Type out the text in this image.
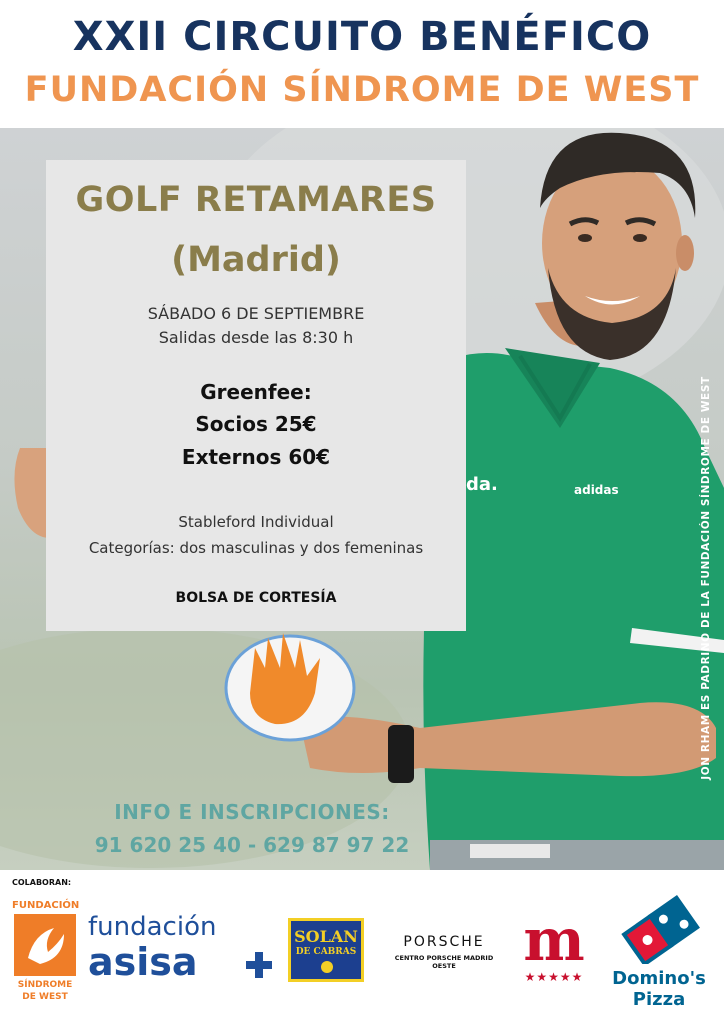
XXII CIRCUITO BENÉFICO
FUNDACIÓN SÍNDROME DE WEST
adidas
da.
GOLF RETAMARES
(Madrid)
SÁBADO 6 DE SEPTIEMBRE
Salidas desde las 8:30 h
Greenfee:
Socios 25€
Externos 60€
Stableford Individual
Categorías: dos masculinas y dos femeninas
BOLSA DE CORTESÍA	JON RHAM ES PADRINO DE LA FUNDACIÓN SÍNDROME DE WEST
INFO E INSCRIPCIONES:
91 620 25 40 - 629 87 97 22
COLABORAN:
FUNDACIÓN
SÍNDROME
DE WEST
fundación
asisa
SOLAN
DE CABRAS
PORSCHE
CENTRO PORSCHE MADRID OESTE	m
★★★★★	Domino's
Pizza
